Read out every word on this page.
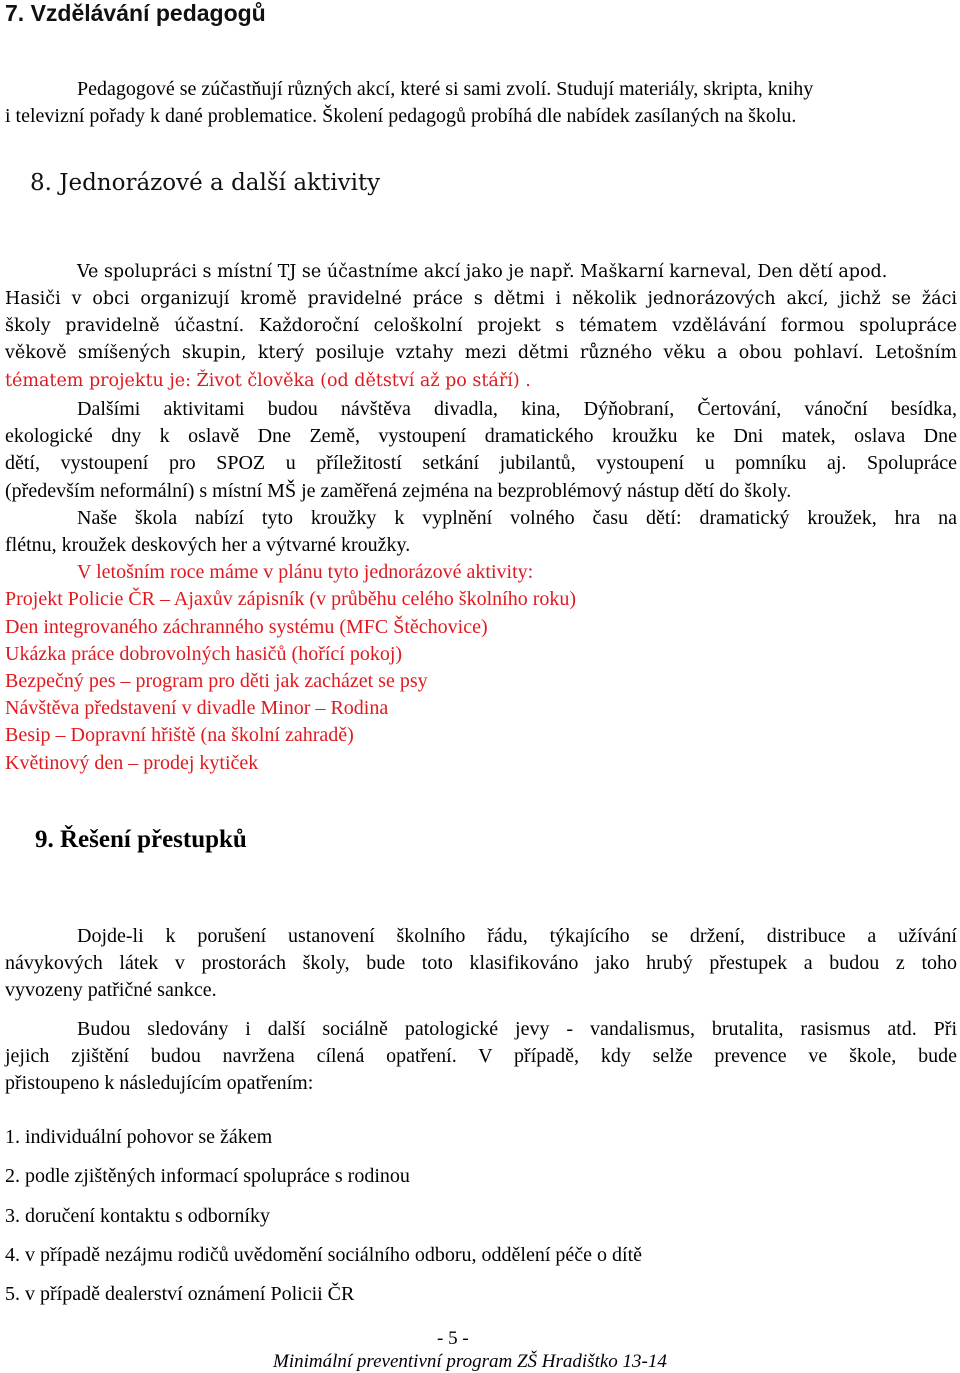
7. Vzdělávání pedagogů
Pedagogové se zúčastňují různých akcí, které si sami zvolí. Studují materiály, skripta, knihy
i televizní pořady k dané problematice. Školení pedagogů probíhá dle nabídek zasílaných na školu.
8. Jednorázové a další aktivity
Ve spolupráci s místní TJ se účastníme akcí jako je např. Maškarní karneval, Den dětí apod.
Hasiči v obci organizují kromě pravidelné práce s dětmi i několik jednorázových akcí, jichž se žáci
školy pravidelně účastní. Každoroční celoškolní projekt s tématem vzdělávání formou spolupráce
věkově smíšených skupin, který posiluje vztahy mezi dětmi různého věku a obou pohlaví. Letošním
tématem projektu je: Život člověka (od dětství až po stáří) .
Dalšími aktivitami budou návštěva divadla, kina, Dýňobraní, Čertování, vánoční besídka,
ekologické dny k oslavě Dne Země, vystoupení dramatického kroužku ke Dni matek, oslava Dne
dětí, vystoupení pro SPOZ u příležitostí setkání jubilantů, vystoupení u pomníku aj. Spolupráce
(především neformální) s místní MŠ je zaměřená zejména na bezproblémový nástup dětí do školy.
Naše škola nabízí tyto kroužky k vyplnění volného času dětí: dramatický kroužek, hra na
flétnu, kroužek deskových her a výtvarné kroužky.
V letošním roce máme v plánu tyto jednorázové aktivity:
Projekt Policie ČR – Ajaxův zápisník (v průběhu celého školního roku)
Den integrovaného záchranného systému (MFC Štěchovice)
Ukázka práce dobrovolných hasičů (hořící pokoj)
Bezpečný pes – program pro děti jak zacházet se psy
Návštěva představení v divadle Minor – Rodina
Besip – Dopravní hřiště (na školní zahradě)
Květinový den – prodej kytiček
9. Řešení přestupků
Dojde-li k porušení ustanovení školního řádu, týkajícího se držení, distribuce a užívání
návykových látek v prostorách školy, bude toto klasifikováno jako hrubý přestupek a budou z toho
vyvozeny patřičné sankce.
Budou sledovány i další sociálně patologické jevy - vandalismus, brutalita, rasismus atd. Při
jejich zjištění budou navržena cílená opatření. V případě, kdy selže prevence ve škole, bude
přistoupeno k následujícím opatřením:
1. individuální pohovor se žákem
2. podle zjištěných informací spolupráce s rodinou
3. doručení kontaktu s odborníky
4. v případě nezájmu rodičů uvědomění sociálního odboru, oddělení péče o dítě
5. v případě dealerství oznámení Policii ČR
- 5 -
Minimální preventivní program ZŠ Hradištko 13-14
